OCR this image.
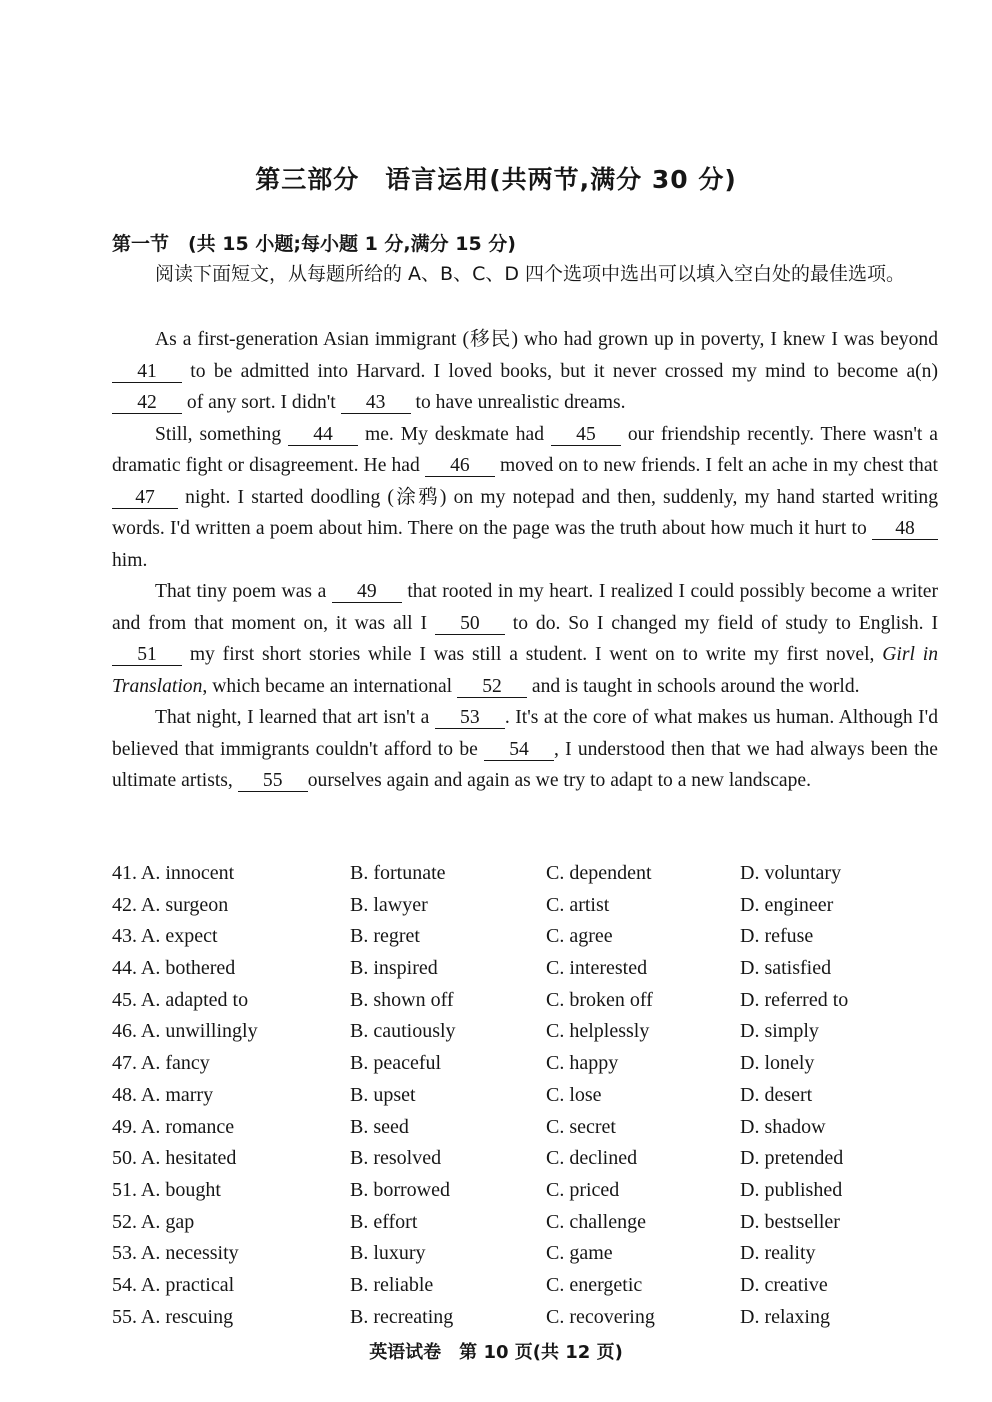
第三部分　语言运用(共两节,满分 30 分)
第一节　(共 15 小题;每小题 1 分,满分 15 分)
阅读下面短文，从每题所给的 A、B、C、D 四个选项中选出可以填入空白处的最佳选项。

As a first-generation Asian immigrant (移民) who had grown up in poverty, I knew I was beyond 41 to be admitted into Harvard. I loved books, but it never crossed my mind to become a(n) 42 of any sort. I didn't 43 to have unrealistic dreams.

Still, something 44 me. My deskmate had 45 our friendship recently. There wasn't a dramatic fight or disagreement. He had 46 moved on to new friends. I felt an ache in my chest that 47 night. I started doodling (涂鸦) on my notepad and then, suddenly, my hand started writing words. I'd written a poem about him. There on the page was the truth about how much it hurt to 48 him.

That tiny poem was a 49 that rooted in my heart. I realized I could possibly become a writer and from that moment on, it was all I 50 to do. So I changed my field of study to English. I 51 my first short stories while I was still a student. I went on to write my first novel, Girl in Translation, which became an international 52 and is taught in schools around the world.

That night, I learned that art isn't a 53 . It's at the core of what makes us human. Although I'd believed that immigrants couldn't afford to be 54 , I understood then that we had always been the ultimate artists, 55 ourselves again and again as we try to adapt to a new landscape.

41. A. innocent	B. fortunate	C. dependent	D. voluntary
42. A. surgeon	B. lawyer	C. artist	D. engineer
43. A. expect	B. regret	C. agree	D. refuse
44. A. bothered	B. inspired	C. interested	D. satisfied
45. A. adapted to	B. shown off	C. broken off	D. referred to
46. A. unwillingly	B. cautiously	C. helplessly	D. simply
47. A. fancy	B. peaceful	C. happy	D. lonely
48. A. marry	B. upset	C. lose	D. desert
49. A. romance	B. seed	C. secret	D. shadow
50. A. hesitated	B. resolved	C. declined	D. pretended
51. A. bought	B. borrowed	C. priced	D. published
52. A. gap	B. effort	C. challenge	D. bestseller
53. A. necessity	B. luxury	C. game	D. reality
54. A. practical	B. reliable	C. energetic	D. creative
55. A. rescuing	B. recreating	C. recovering	D. relaxing
英语试卷　第 10 页(共 12 页)
